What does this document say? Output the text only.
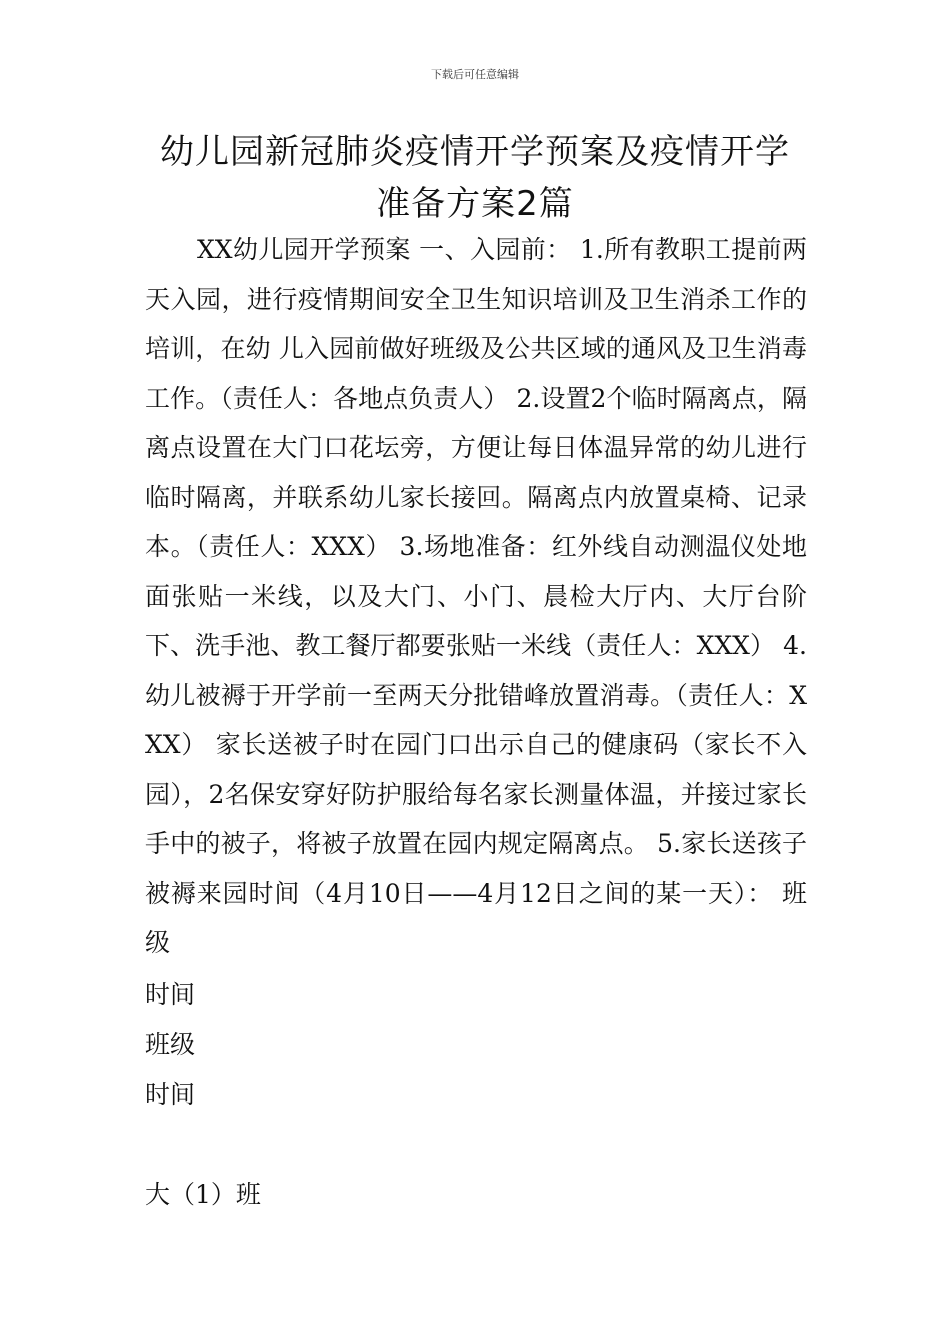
下载后可任意编辑
幼儿园新冠肺炎疫情开学预案及疫情开学
准备方案2篇

XX幼儿园开学预案 一、入园前： 1.所有教职工提前两天入园，进行疫情期间安全卫生知识培训及卫生消杀工作的培训，在幼 儿入园前做好班级及公共区域的通风及卫生消毒工作。（责任人：各地点负责人） 2.设置2个临时隔离点，隔离点设置在大门口花坛旁，方便让每日体温异常的幼儿进行临时隔离，并联系幼儿家长接回。隔离点内放置桌椅、记录本。（责任人：XXX） 3.场地准备：红外线自动测温仪处地面张贴一米线，以及大门、小门、晨检大厅内、大厅台阶下、洗手池、教工餐厅都要张贴一米线（责任人：XXX） 4.幼儿被褥于开学前一至两天分批错峰放置消毒。（责任人：XXX） 家长送被子时在园门口出示自己的健康码（家长不入园），2名保安穿好防护服给每名家长测量体温，并接过家长手中的被子，将被子放置在园内规定隔离点。 5.家长送孩子被褥来园时间（4月10日——4月12日之间的某一天）： 班级

时间

班级

时间

大（1）班
